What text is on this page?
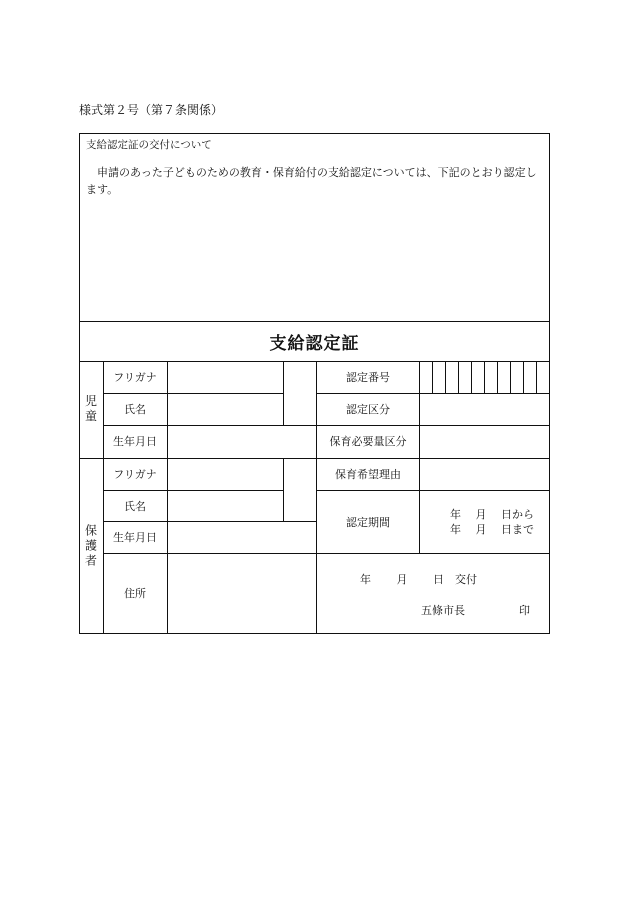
様式第２号（第７条関係）
支給認定証の交付について
申請のあった子どものための教育・保育給付の支給認定については、下記のとおり認定します。
支給認定証
児童
保護者
フリガナ
氏名
生年月日
フリガナ
氏名
生年月日
住所
認定番号
認定区分
保育必要量区分
保育希望理由
認定期間
年　 月　 日から
年　 月　 日まで
年　　 月　　 日　交付
五條市長	印
